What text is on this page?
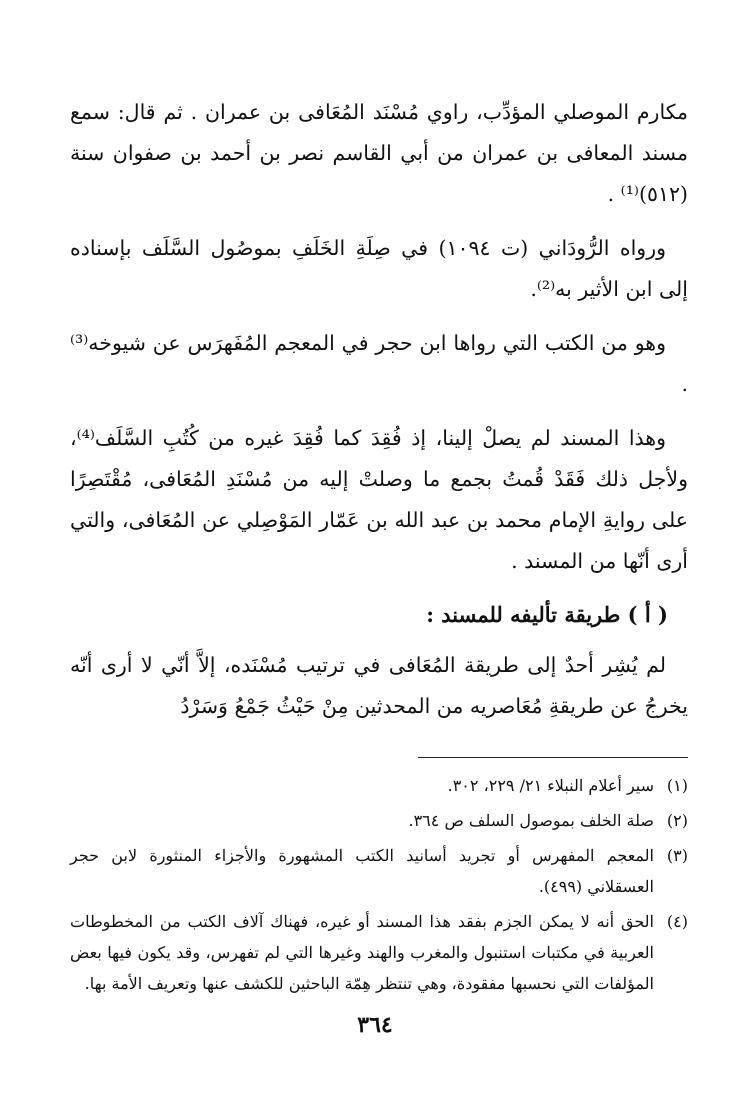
مكارم الموصلي المؤدِّب، راوي مُسْنَد المُعَافى بن عمران . ثم قال: سمع مسند المعافى بن عمران من أبي القاسم نصر بن أحمد بن صفوان سنة (٥١٢)⁽¹⁾ .

ورواه الرُّودَاني (ت ١٠٩٤) في صِلَةِ الخَلَفِ بموصُول السَّلَف بإسناده إلى ابن الأثير به⁽²⁾.

وهو من الكتب التي رواها ابن حجر في المعجم المُفَهرَس عن شيوخه⁽³⁾ .

وهذا المسند لم يصلْ إلينا، إذ فُقِدَ كما فُقِدَ غيره من كُتُبِ السَّلَف⁽⁴⁾، ولأجل ذلك فَقَدْ قُمتُ بجمع ما وصلتْ إليه من مُسْنَدِ المُعَافى، مُقْتَصِرًا على روايةِ الإمام محمد بن عبد الله بن عَمّار المَوْصِلي عن المُعَافى، والتي أرى أنّها من المسند .

( أ ) طريقة تأليفه للمسند :

لم يُشِر أحدٌ إلى طريقة المُعَافى في ترتيب مُسْنَده، إلاَّ أنّي لا أرى أنّه يخرجُ عن طريقةِ مُعَاصريه من المحدثين مِنْ حَيْثُ جَمْعُ وَسَرْدُ

(١)
سير أعلام النبلاء ٢١/ ٢٢٩، ٣٠٢.
(٢)
صلة الخلف بموصول السلف ص ٣٦٤.
(٣)
المعجم المفهرس أو تجريد أسانيد الكتب المشهورة والأجزاء المنثورة لابن حجر العسقلاني (٤٩٩).
(٤)
الحق أنه لا يمكن الجزم بفقد هذا المسند أو غيره، فهناك آلاف الكتب من المخطوطات العربية في مكتبات استنبول والمغرب والهند وغيرها التي لم تفهرس، وقد يكون فيها بعض المؤلفات التي نحسبها مفقودة، وهي تنتظر هِمّة الباحثين للكشف عنها وتعريف الأمة بها.
٣٦٤
